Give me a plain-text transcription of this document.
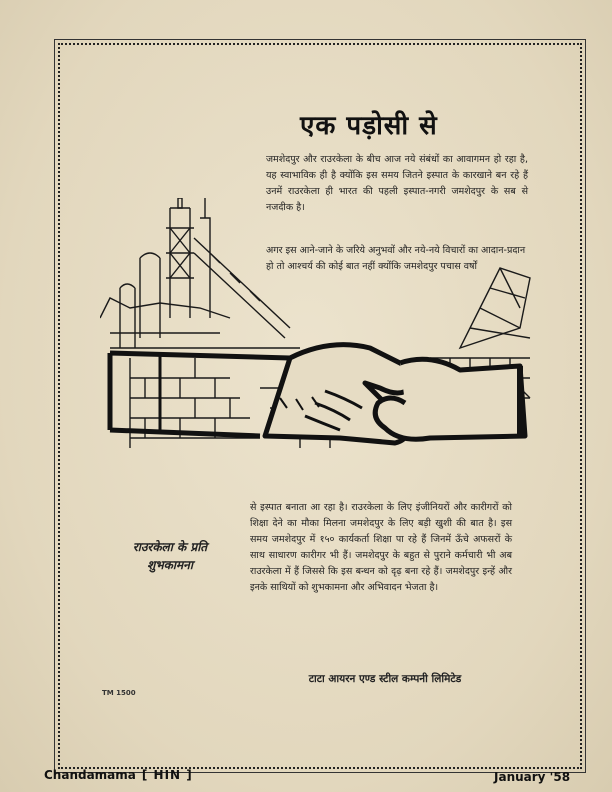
एक पड़ोसी से

जमशेदपुर और राउरकेला के बीच आज नये संबंधों का आवागमन हो रहा है, यह स्वाभाविक ही है क्योंकि इस समय जितने इस्पात के कारखाने बन रहे हैं उनमें राउरकेला ही भारत की पहली इस्पात-नगरी जमशेदपुर के सब से नजदीक है।

अगर इस आने-जाने के जरिये अनुभवों और नये-नये विचारों का आदान-प्रदान हो तो आश्चर्य की कोई बात नहीं क्योंकि जमशेदपुर पचास वर्षों

राउरकेला के प्रति शुभकामना

से इस्पात बनाता आ रहा है। राउरकेला के लिए इंजीनियरों और कारीगरों को शिक्षा देने का मौका मिलना जमशेदपुर के लिए बड़ी खुशी की बात है। इस समय जमशेदपुर में १५० कार्यकर्ता शिक्षा पा रहे हैं जिनमें ऊँचे अफसरों के साथ साधारण कारीगर भी हैं। जमशेदपुर के बहुत से पुराने कर्मचारी भी अब राउरकेला में हैं जिससे कि इस बन्धन को दृढ़ बना रहे हैं। जमशेदपुर इन्हें और इनके साथियों को शुभकामना और अभिवादन भेजता है।

टाटा आयरन एण्ड स्टील कम्पनी लिमिटेड
TM 1500
Chandamama [ HIN ]	January '58
